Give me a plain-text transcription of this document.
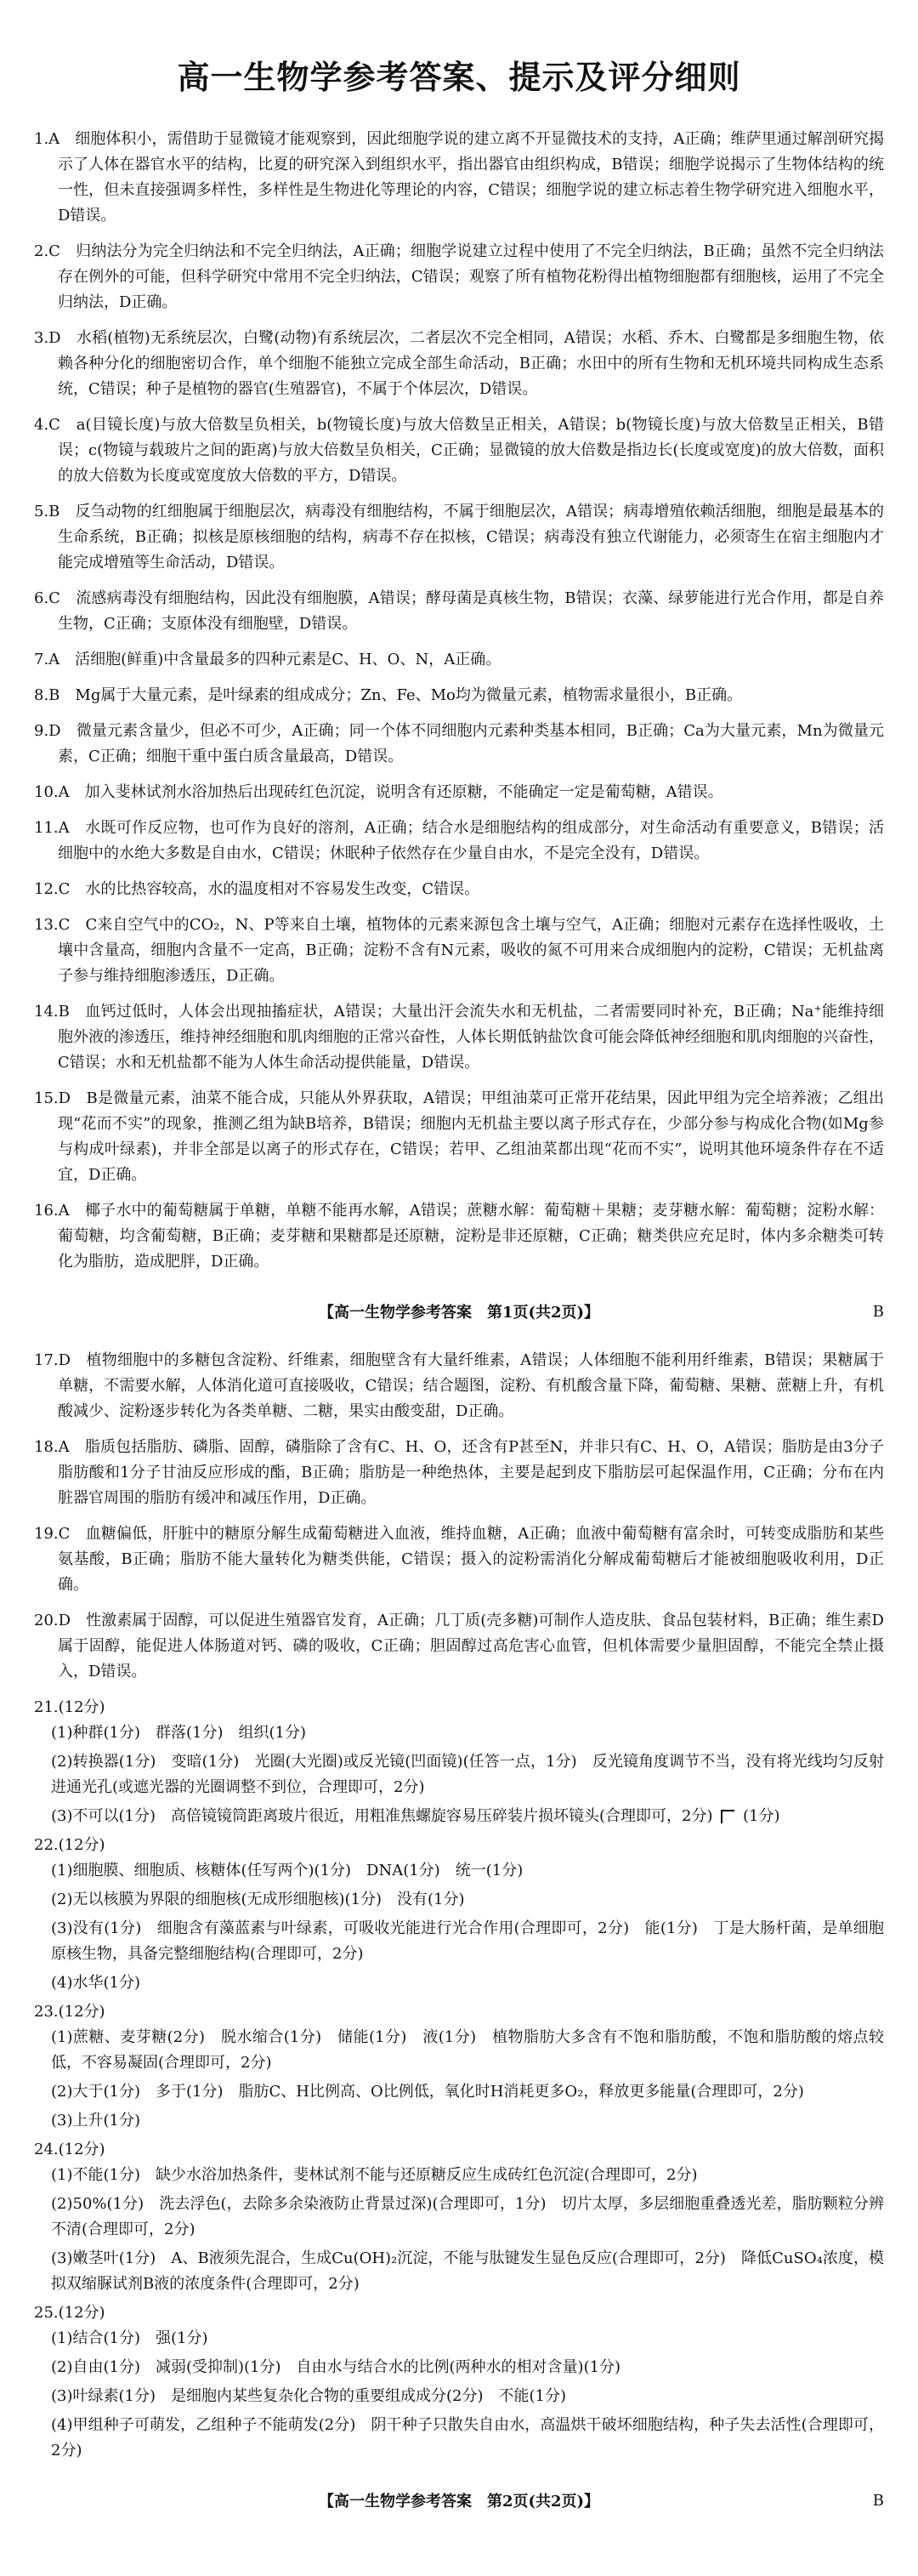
高一生物学参考答案、提示及评分细则

1.A　细胞体积小，需借助于显微镜才能观察到，因此细胞学说的建立离不开显微技术的支持，A正确；维萨里通过解剖研究揭示了人体在器官水平的结构，比夏的研究深入到组织水平，指出器官由组织构成，B错误；细胞学说揭示了生物体结构的统一性，但未直接强调多样性，多样性是生物进化等理论的内容，C错误；细胞学说的建立标志着生物学研究进入细胞水平，D错误。

2.C　归纳法分为完全归纳法和不完全归纳法，A正确；细胞学说建立过程中使用了不完全归纳法，B正确；虽然不完全归纳法存在例外的可能，但科学研究中常用不完全归纳法，C错误；观察了所有植物花粉得出植物细胞都有细胞核，运用了不完全归纳法，D正确。

3.D　水稻(植物)无系统层次，白鹭(动物)有系统层次，二者层次不完全相同，A错误；水稻、乔木、白鹭都是多细胞生物，依赖各种分化的细胞密切合作，单个细胞不能独立完成全部生命活动，B正确；水田中的所有生物和无机环境共同构成生态系统，C错误；种子是植物的器官(生殖器官)，不属于个体层次，D错误。

4.C　a(目镜长度)与放大倍数呈负相关，b(物镜长度)与放大倍数呈正相关，A错误；b(物镜长度)与放大倍数呈正相关，B错误；c(物镜与载玻片之间的距离)与放大倍数呈负相关，C正确；显微镜的放大倍数是指边长(长度或宽度)的放大倍数，面积的放大倍数为长度或宽度放大倍数的平方，D错误。

5.B　反刍动物的红细胞属于细胞层次，病毒没有细胞结构，不属于细胞层次，A错误；病毒增殖依赖活细胞，细胞是最基本的生命系统，B正确；拟核是原核细胞的结构，病毒不存在拟核，C错误；病毒没有独立代谢能力，必须寄生在宿主细胞内才能完成增殖等生命活动，D错误。

6.C　流感病毒没有细胞结构，因此没有细胞膜，A错误；酵母菌是真核生物，B错误；衣藻、绿萝能进行光合作用，都是自养生物，C正确；支原体没有细胞壁，D错误。

7.A　活细胞(鲜重)中含量最多的四种元素是C、H、O、N，A正确。

8.B　Mg属于大量元素，是叶绿素的组成成分；Zn、Fe、Mo均为微量元素，植物需求量很小，B正确。

9.D　微量元素含量少，但必不可少，A正确；同一个体不同细胞内元素种类基本相同，B正确；Ca为大量元素，Mn为微量元素，C正确；细胞干重中蛋白质含量最高，D错误。

10.A　加入斐林试剂水浴加热后出现砖红色沉淀，说明含有还原糖，不能确定一定是葡萄糖，A错误。

11.A　水既可作反应物，也可作为良好的溶剂，A正确；结合水是细胞结构的组成部分，对生命活动有重要意义，B错误；活细胞中的水绝大多数是自由水，C错误；休眠种子依然存在少量自由水，不是完全没有，D错误。

12.C　水的比热容较高，水的温度相对不容易发生改变，C错误。

13.C　C来自空气中的CO₂，N、P等来自土壤，植物体的元素来源包含土壤与空气，A正确；细胞对元素存在选择性吸收，土壤中含量高，细胞内含量不一定高，B正确；淀粉不含有N元素，吸收的氮不可用来合成细胞内的淀粉，C错误；无机盐离子参与维持细胞渗透压，D正确。

14.B　血钙过低时，人体会出现抽搐症状，A错误；大量出汗会流失水和无机盐，二者需要同时补充，B正确；Na⁺能维持细胞外液的渗透压，维持神经细胞和肌肉细胞的正常兴奋性，人体长期低钠盐饮食可能会降低神经细胞和肌肉细胞的兴奋性，C错误；水和无机盐都不能为人体生命活动提供能量，D错误。

15.D　B是微量元素，油菜不能合成，只能从外界获取，A错误；甲组油菜可正常开花结果，因此甲组为完全培养液；乙组出现“花而不实”的现象，推测乙组为缺B培养，B错误；细胞内无机盐主要以离子形式存在，少部分参与构成化合物(如Mg参与构成叶绿素)，并非全部是以离子的形式存在，C错误；若甲、乙组油菜都出现“花而不实”，说明其他环境条件存在不适宜，D正确。

16.A　椰子水中的葡萄糖属于单糖，单糖不能再水解，A错误；蔗糖水解：葡萄糖＋果糖；麦芽糖水解：葡萄糖；淀粉水解：葡萄糖，均含葡萄糖，B正确；麦芽糖和果糖都是还原糖，淀粉是非还原糖，C正确；糖类供应充足时，体内多余糖类可转化为脂肪，造成肥胖，D正确。

【高一生物学参考答案　第1页(共2页)】	B

17.D　植物细胞中的多糖包含淀粉、纤维素，细胞壁含有大量纤维素，A错误；人体细胞不能利用纤维素，B错误；果糖属于单糖，不需要水解，人体消化道可直接吸收，C错误；结合题图，淀粉、有机酸含量下降，葡萄糖、果糖、蔗糖上升，有机酸减少、淀粉逐步转化为各类单糖、二糖，果实由酸变甜，D正确。

18.A　脂质包括脂肪、磷脂、固醇，磷脂除了含有C、H、O，还含有P甚至N，并非只有C、H、O，A错误；脂肪是由3分子脂肪酸和1分子甘油反应形成的酯，B正确；脂肪是一种绝热体，主要是起到皮下脂肪层可起保温作用，C正确；分布在内脏器官周围的脂肪有缓冲和减压作用，D正确。

19.C　血糖偏低，肝脏中的糖原分解生成葡萄糖进入血液，维持血糖，A正确；血液中葡萄糖有富余时，可转变成脂肪和某些氨基酸，B正确；脂肪不能大量转化为糖类供能，C错误；摄入的淀粉需消化分解成葡萄糖后才能被细胞吸收利用，D正确。

20.D　性激素属于固醇，可以促进生殖器官发育，A正确；几丁质(壳多糖)可制作人造皮肤、食品包装材料，B正确；维生素D属于固醇，能促进人体肠道对钙、磷的吸收，C正确；胆固醇过高危害心血管，但机体需要少量胆固醇，不能完全禁止摄入，D错误。

21.(12分)
(1)种群(1分)　群落(1分)　组织(1分)
(2)转换器(1分)　变暗(1分)　光圈(大光圈)或反光镜(凹面镜)(任答一点，1分)　反光镜角度调节不当，没有将光线均匀反射进通光孔(或遮光器的光圈调整不到位，合理即可，2分)
(3)不可以(1分)　高倍镜镜筒距离玻片很近，用粗准焦螺旋容易压碎装片损坏镜头(合理即可，2分) (1分)
22.(12分)
(1)细胞膜、细胞质、核糖体(任写两个)(1分)　DNA(1分)　统一(1分)
(2)无以核膜为界限的细胞核(无成形细胞核)(1分)　没有(1分)
(3)没有(1分)　细胞含有藻蓝素与叶绿素，可吸收光能进行光合作用(合理即可，2分)　能(1分)　丁是大肠杆菌，是单细胞原核生物，具备完整细胞结构(合理即可，2分)
(4)水华(1分)
23.(12分)
(1)蔗糖、麦芽糖(2分)　脱水缩合(1分)　储能(1分)　液(1分)　植物脂肪大多含有不饱和脂肪酸，不饱和脂肪酸的熔点较低，不容易凝固(合理即可，2分)
(2)大于(1分)　多于(1分)　脂肪C、H比例高、O比例低，氧化时H消耗更多O₂，释放更多能量(合理即可，2分)
(3)上升(1分)
24.(12分)
(1)不能(1分)　缺少水浴加热条件，斐林试剂不能与还原糖反应生成砖红色沉淀(合理即可，2分)
(2)50%(1分)　洗去浮色(，去除多余染液防止背景过深)(合理即可，1分)　切片太厚，多层细胞重叠透光差，脂肪颗粒分辨不清(合理即可，2分)
(3)嫩茎叶(1分)　A、B液须先混合，生成Cu(OH)₂沉淀，不能与肽键发生显色反应(合理即可，2分)　降低CuSO₄浓度，模拟双缩脲试剂B液的浓度条件(合理即可，2分)
25.(12分)
(1)结合(1分)　强(1分)
(2)自由(1分)　减弱(受抑制)(1分)　自由水与结合水的比例(两种水的相对含量)(1分)
(3)叶绿素(1分)　是细胞内某些复杂化合物的重要组成成分(2分)　不能(1分)
(4)甲组种子可萌发，乙组种子不能萌发(2分)　阴干种子只散失自由水，高温烘干破坏细胞结构，种子失去活性(合理即可，2分)
【高一生物学参考答案　第2页(共2页)】	B
